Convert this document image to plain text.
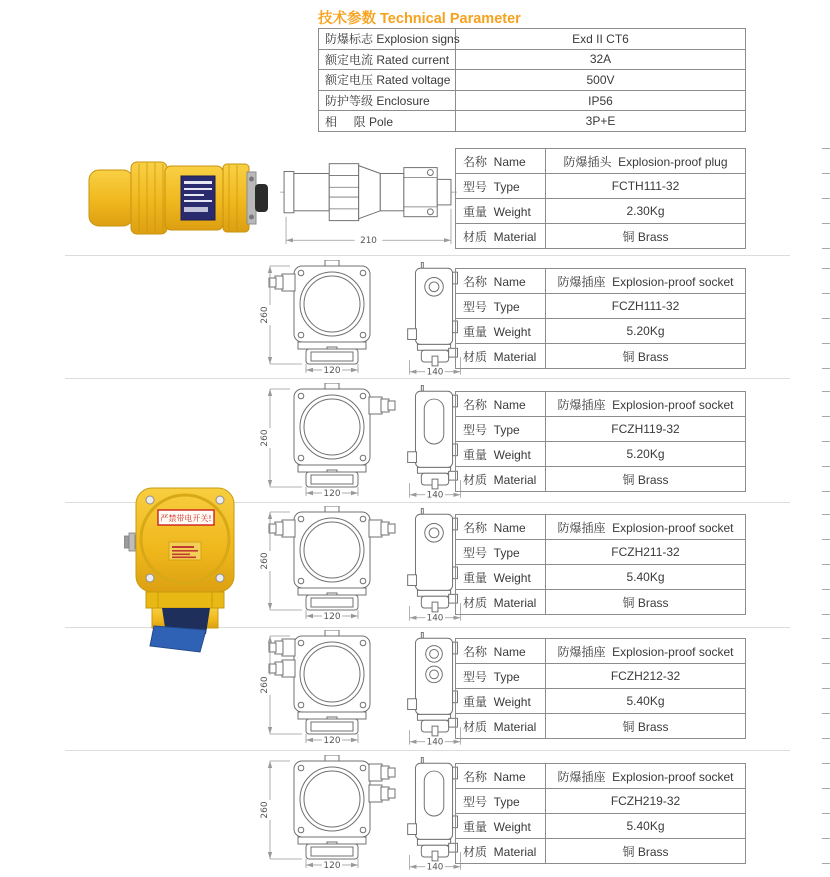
技术参数 Technical Parameter
防爆标志 Explosion signs	Exd II CT6
额定电流 Rated current	32A
额定电压 Rated voltage	500V
防护等级 Enclosure	IP56
相     限 Pole	3P+E
严禁带电开关!
210
260
120	140
260
120	140
260
120	140
260
120	140
260
120	140
名称  Name	防爆插头  Explosion-proof plug
型号  Type	FCTH111-32
重量  Weight	2.30Kg
材质  Material	铜 Brass
名称  Name	防爆插座  Explosion-proof socket
型号  Type	FCZH111-32
重量  Weight	5.20Kg
材质  Material	铜 Brass
名称  Name	防爆插座  Explosion-proof socket
型号  Type	FCZH119-32
重量  Weight	5.20Kg
材质  Material	铜 Brass
名称  Name	防爆插座  Explosion-proof socket
型号  Type	FCZH211-32
重量  Weight	5.40Kg
材质  Material	铜 Brass
名称  Name	防爆插座  Explosion-proof socket
型号  Type	FCZH212-32
重量  Weight	5.40Kg
材质  Material	铜 Brass
名称  Name	防爆插座  Explosion-proof socket
型号  Type	FCZH219-32
重量  Weight	5.40Kg
材质  Material	铜 Brass
